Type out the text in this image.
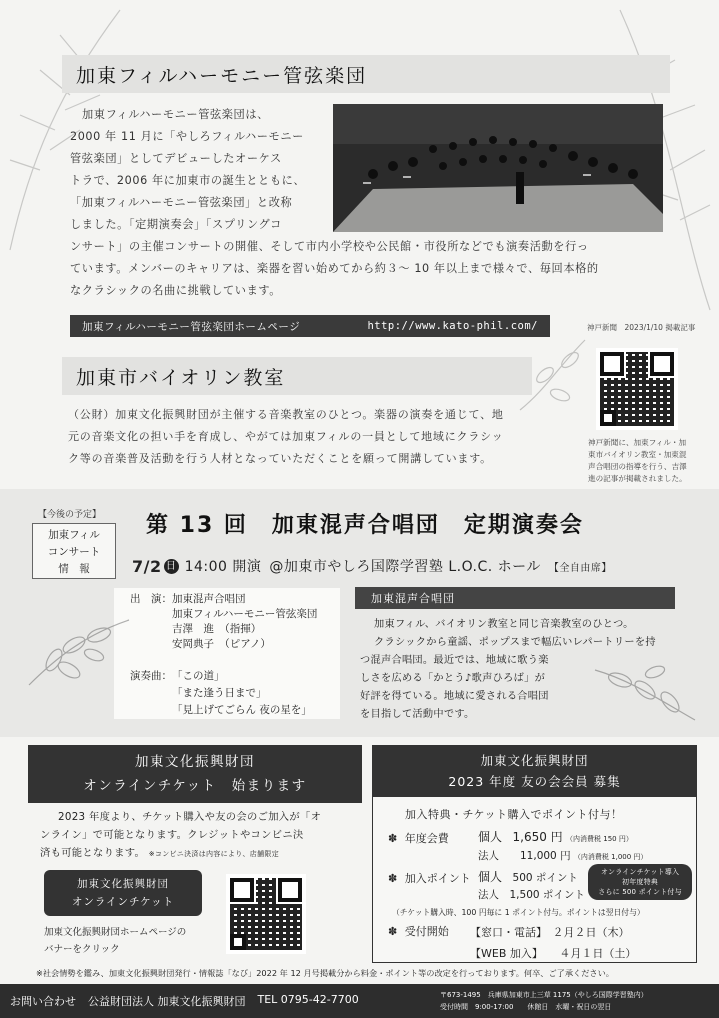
加東フィルハーモニー管弦楽団
加東フィルハーモニー管弦楽団は、
2000 年 11 月に「やしろフィルハーモニー
管弦楽団」としてデビューしたオーケス
トラで、2006 年に加東市の誕生とともに、
「加東フィルハーモニー管弦楽団」と改称
しました。「定期演奏会」「スプリングコ
ンサート」の主催コンサートの開催、そして市内小学校や公民館・市役所などでも演奏活動を行っ
ています。メンバーのキャリアは、楽器を習い始めてから約３～ 10 年以上まで様々で、毎回本格的
なクラシックの名曲に挑戦しています。
神戸新聞　2023/1/10 掲載記事
加東フィルハーモニー管弦楽団ホームページ	http://www.kato-phil.com/
加東市バイオリン教室
神戸新聞に、加東フィル・加
東市バイオリン教室・加東混
声合唱団の指導を行う、吉澤
進の記事が掲載されました。
（公財）加東文化振興財団が主催する音楽教室のひとつ。楽器の演奏を通じて、地
元の音楽文化の担い手を育成し、やがては加東フィルの一員として地域にクラシッ
ク等の音楽普及活動を行う人材となっていただくことを願って開講しています。
【今後の予定】
加東フィル
コンサート
情　報
第 13 回　加東混声合唱団　定期演奏会
7/2 日 14:00 開演 @加東市やしろ国際学習塾 L.O.C. ホール 【全自由席】
出　演： 加東混声合唱団
加東フィルハーモニー管弦楽団
吉澤　進　（指揮）
安岡典子　（ピアノ）
演奏曲： 「この道」
「また逢う日まで」
「見上げてごらん 夜の星を」
加東混声合唱団
加東フィル、バイオリン教室と同じ音楽教室のひとつ。
クラシックから童謡、ポップスまで幅広いレパートリーを持
つ混声合唱団。最近では、地域に歌う楽
しさを広める「かとう♪歌声ひろば」が
好評を得ている。地域に愛される合唱団
を目指して活動中です。
加東文化振興財団
オンラインチケット　始まります
2023 年度より、チケット購入や友の会のご加入が「オ
ンライン」で可能となります。クレジットやコンビニ決
済も可能となります。 ※コンビニ決済は内容により、店舗限定
加東文化振興財団
オンラインチケット
加東文化振興財団ホームページの
バナーをクリック
加東文化振興財団
2023 年度 友の会会員 募集
加入特典・チケット購入でポイント付与！
✽ 年度会費 個人　 1,650 円 （内消費税 150 円）
法人　　 11,000 円 （内消費税 1,000 円）
✽ 加入ポイント 個人　 500 ポイント
法人　 1,500 ポイント
オンラインチケット導入
初年度特典
さらに 500 ポイント付与
（チケット購入時、100 円毎に 1 ポイント付与。ポイントは翌日付与）
✽ 受付開始 【窓口・電話】　 ２月２日（木）
【WEB 加入】　　 ４月１日（土）
※社会情勢を鑑み、加東文化振興財団発行・情報誌「なび」2022 年 12 月号掲載分から料金・ポイント等の改定を行っております。何卒、ご了承ください。
お問い合わせ 公益財団法人 加東文化振興財団 TEL 0795-42-7700	〒673-1495　兵庫県加東市上三草 1175（やしろ国際学習塾内）
受付時間　9:00-17:00　　休館日　水曜・祝日の翌日
